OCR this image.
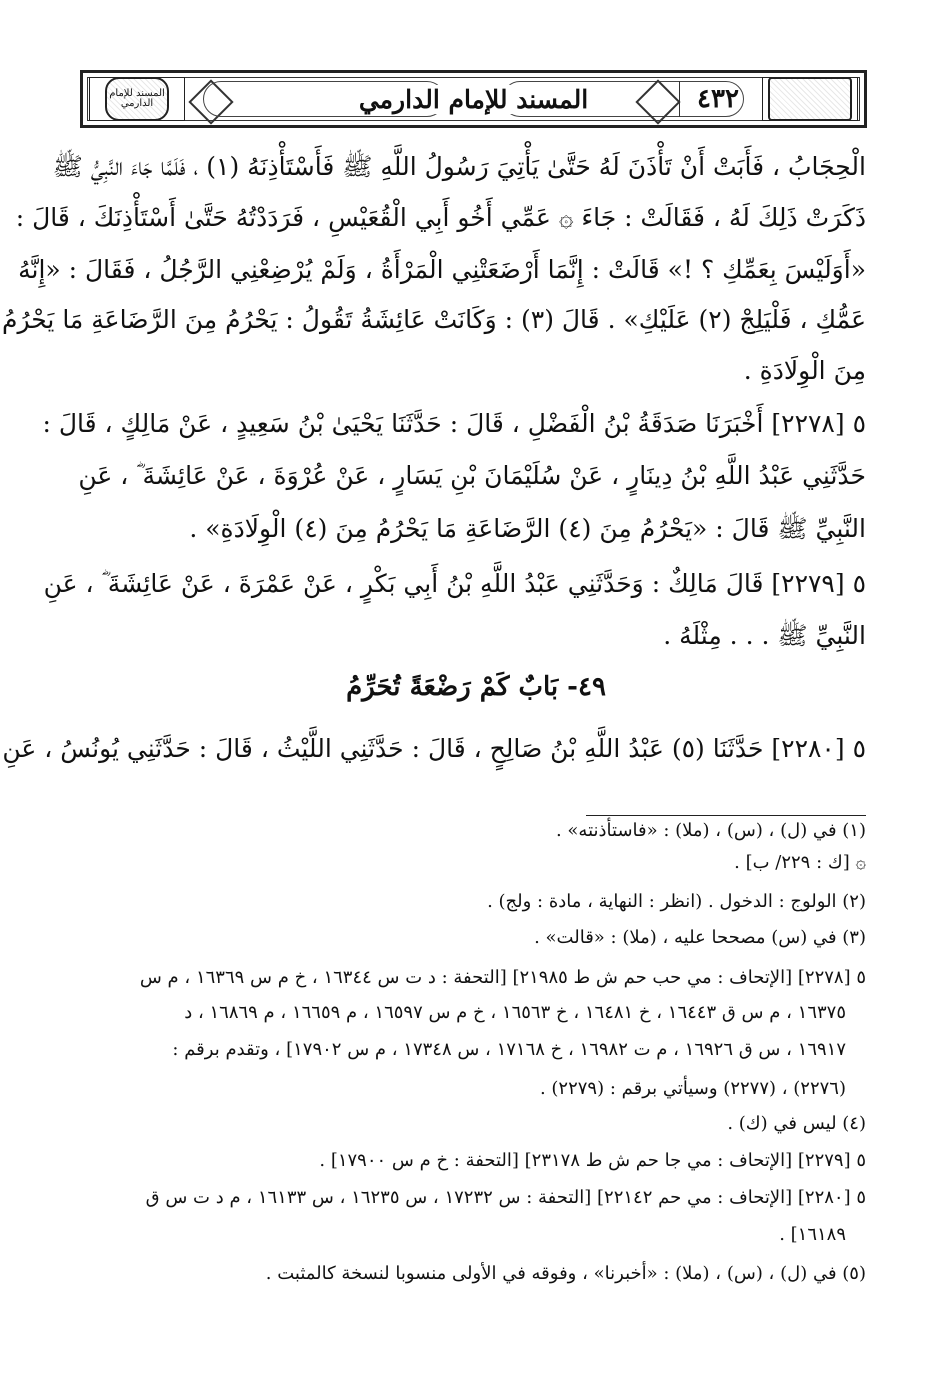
المسند للإمام الدارمي	المسند للإمام الدارمي	٤٣٢
الْحِجَابُ ، فَأَبَتْ أَنْ تَأْذَنَ لَهُ حَتَّىٰ يَأْتِيَ رَسُولُ اللَّهِ ﷺ فَأَسْتَأْذِنَهُ (١) ، فَلَمَّا جَاءَ النَّبِيُّ ﷺ
ذَكَرَتْ ذَلِكَ لَهُ ، فَقَالَتْ : جَاءَ ۞ عَمِّي أَخُو أَبِي الْقُعَيْسِ ، فَرَدَدْتُهُ حَتَّىٰ أَسْتَأْذِنَكَ ، قَالَ :
«أَوَلَيْسَ بِعَمِّكِ ؟ !» قَالَتْ : إِنَّمَا أَرْضَعَتْنِي الْمَرْأَةُ ، وَلَمْ يُرْضِعْنِي الرَّجُلُ ، فَقَالَ : «إِنَّهُ
عَمُّكِ ، فَلْيَلِجْ (٢) عَلَيْكِ» . قَالَ (٣) : وَكَانَتْ عَائِشَةُ تَقُولُ : يَحْرُمُ مِنَ الرَّضَاعَةِ مَا يَحْرُمُ
مِنَ الْوِلَادَةِ .
٥ [٢٢٧٨] أَخْبَرَنَا صَدَقَةُ بْنُ الْفَضْلِ ، قَالَ : حَدَّثَنَا يَحْيَىٰ بْنُ سَعِيدٍ ، عَنْ مَالِكٍ ، قَالَ :
حَدَّثَنِي عَبْدُ اللَّهِ بْنُ دِينَارٍ ، عَنْ سُلَيْمَانَ بْنِ يَسَارٍ ، عَنْ عُرْوَةَ ، عَنْ عَائِشَةَ ؓ ، عَنِ
النَّبِيِّ ﷺ قَالَ : «يَحْرُمُ مِنَ (٤) الرَّضَاعَةِ مَا يَحْرُمُ مِنَ (٤) الْوِلَادَةِ» .
٥ [٢٢٧٩] قَالَ مَالِكٌ : وَحَدَّثَنِي عَبْدُ اللَّهِ بْنُ أَبِي بَكْرٍ ، عَنْ عَمْرَةَ ، عَنْ عَائِشَةَ ؓ ، عَنِ
النَّبِيِّ ﷺ . . . مِثْلَهُ .
٤٩- بَابٌ كَمْ رَضْعَةً تُحَرِّمُ
٥ [٢٢٨٠] حَدَّثَنَا (٥) عَبْدُ اللَّهِ بْنُ صَالِحٍ ، قَالَ : حَدَّثَنِي اللَّيْثُ ، قَالَ : حَدَّثَنِي يُونُسُ ، عَنِ
(١) في (ل) ، (س) ، (ملا) : «فاستأذنته» .
۞ [ك : ٢٢٩/ ب] .
(٢) الولوج : الدخول . (انظر : النهاية ، مادة : ولج) .
(٣) في (س) مصححا عليه ، (ملا) : «قالت» .
٥ [٢٢٧٨] [الإتحاف : مي حب حم ش ط ٢١٩٨٥] [التحفة : د ت س ١٦٣٤٤ ، خ م س ١٦٣٦٩ ، م س
١٦٣٧٥ ، م س ق ١٦٤٤٣ ، خ ١٦٤٨١ ، خ ١٦٥٦٣ ، خ م س ١٦٥٩٧ ، م ١٦٦٥٩ ، م ١٦٨٦٩ ، د
١٦٩١٧ ، س ق ١٦٩٢٦ ، م ت ١٦٩٨٢ ، خ ١٧١٦٨ ، س ١٧٣٤٨ ، م س ١٧٩٠٢] ، وتقدم برقم :
(٢٢٧٦) ، (٢٢٧٧) وسيأتي برقم : (٢٢٧٩) .
(٤) ليس في (ك) .
٥ [٢٢٧٩] [الإتحاف : مي جا حم ش ط ٢٣١٧٨] [التحفة : خ م س ١٧٩٠٠] .
٥ [٢٢٨٠] [الإتحاف : مي حم ٢٢١٤٢] [التحفة : س ١٧٢٣٢ ، س ١٦٢٣٥ ، س ١٦١٣٣ ، م د ت س ق
١٦١٨٩] .
(٥) في (ل) ، (س) ، (ملا) : «أخبرنا» ، وفوقه في الأولى منسوبا لنسخة كالمثبت .
